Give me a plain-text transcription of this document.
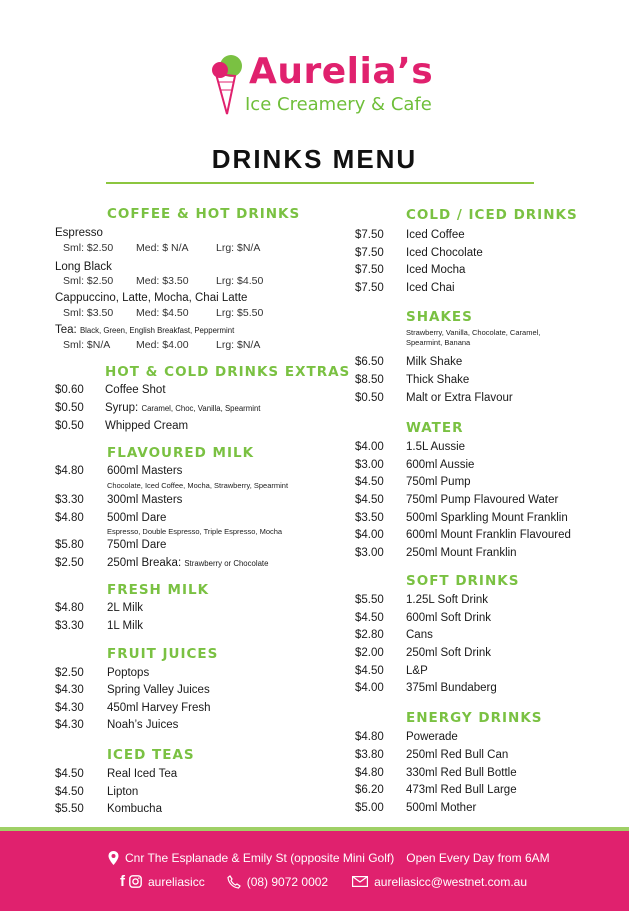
Aurelia’s
Ice Creamery & Cafe
DRINKS MENU
COFFEE & HOT DRINKS
Espresso
Sml: $2.50 Med: $ N/A	Lrg: $N/A
Long Black
Sml: $2.50 Med: $3.50	Lrg: $4.50
Cappuccino, Latte, Mocha, Chai Latte
Sml: $3.50 Med: $4.50	Lrg: $5.50
Tea: Black, Green, English Breakfast, Peppermint
Sml: $N/A Med: $4.00	Lrg: $N/A
HOT & COLD DRINKS EXTRAS
$0.60 Coffee Shot
$0.50 Syrup: Caramel, Choc, Vanilla, Spearmint
$0.50 Whipped Cream
FLAVOURED MILK
$4.80 600ml Masters
Chocolate, Iced Coffee, Mocha, Strawberry, Spearmint
$3.30 300ml Masters
$4.80 500ml Dare
Espresso, Double Espresso, Triple Espresso, Mocha
$5.80 750ml Dare
$2.50 250ml Breaka: Strawberry or Chocolate
FRESH MILK
$4.80 2L Milk
$3.30 1L Milk
FRUIT JUICES
$2.50 Poptops
$4.30 Spring Valley Juices
$4.30 450ml Harvey Fresh
$4.30 Noah’s Juices
ICED TEAS
$4.50 Real Iced Tea
$4.50 Lipton
$5.50 Kombucha
COLD / ICED DRINKS
$7.50 Iced Coffee
$7.50 Iced Chocolate
$7.50 Iced Mocha
$7.50 Iced Chai
SHAKES
Strawberry, Vanilla, Chocolate, Caramel, Spearmint, Banana
$6.50 Milk Shake
$8.50 Thick Shake
$0.50 Malt or Extra Flavour
WATER
$4.00 1.5L Aussie
$3.00 600ml Aussie
$4.50 750ml Pump
$4.50 750ml Pump Flavoured Water
$3.50 500ml Sparkling Mount Franklin
$4.00 600ml Mount Franklin Flavoured
$3.00 250ml Mount Franklin
SOFT DRINKS
$5.50 1.25L Soft Drink
$4.50 600ml Soft Drink
$2.80 Cans
$2.00 250ml Soft Drink
$4.50 L&P
$4.00 375ml Bundaberg
ENERGY DRINKS
$4.80 Powerade
$3.80 250ml Red Bull Can
$4.80 330ml Red Bull Bottle
$6.20 473ml Red Bull Large
$5.00 500ml Mother
Cnr The Esplanade & Emily St (opposite Mini Golf) Open Every Day from 6AM
f aureliasicc	(08) 9072 0002	aureliasicc@westnet.com.au
